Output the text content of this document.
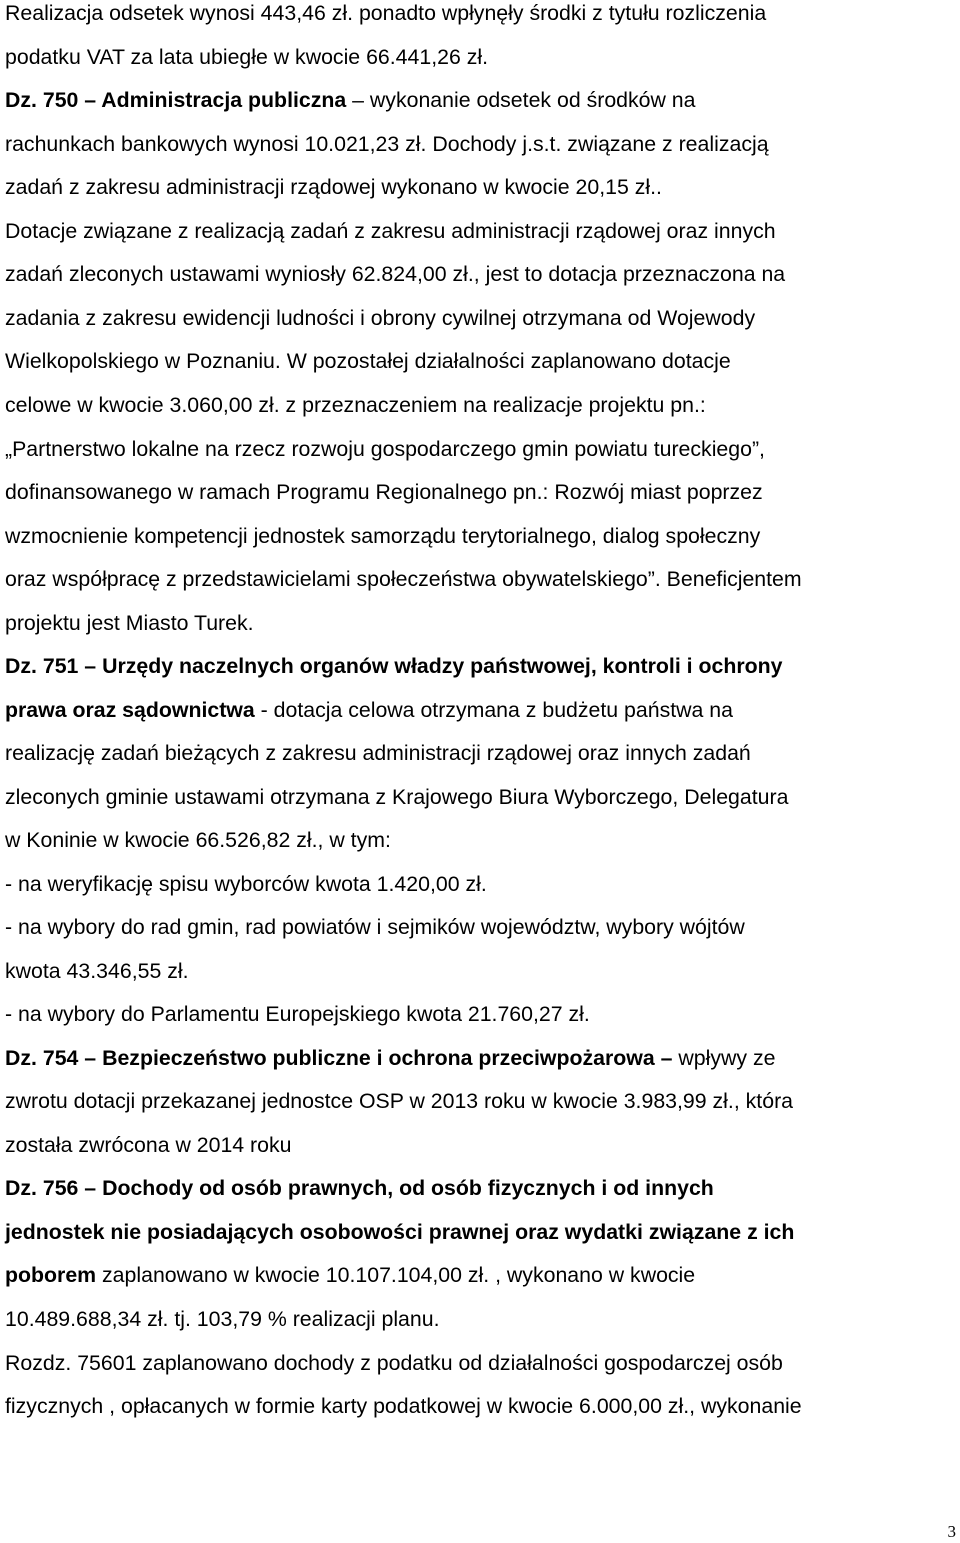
Realizacja odsetek wynosi 443,46 zł. ponadto wpłynęły środki z tytułu rozliczenia
podatku VAT za lata ubiegłe w kwocie 66.441,26 zł.
Dz. 750 – Administracja publiczna – wykonanie odsetek od środków na
rachunkach bankowych wynosi 10.021,23 zł. Dochody j.s.t. związane z realizacją
zadań z zakresu administracji rządowej wykonano w kwocie 20,15 zł..
Dotacje związane z realizacją zadań z zakresu administracji rządowej oraz innych
zadań zleconych ustawami wyniosły 62.824,00 zł., jest to dotacja przeznaczona na
zadania z zakresu ewidencji ludności i obrony cywilnej otrzymana od Wojewody
Wielkopolskiego w Poznaniu. W pozostałej działalności zaplanowano dotacje
celowe w kwocie 3.060,00 zł. z przeznaczeniem na realizacje projektu pn.:
„Partnerstwo lokalne na rzecz rozwoju gospodarczego gmin powiatu tureckiego”,
dofinansowanego w ramach Programu Regionalnego pn.: Rozwój miast poprzez
wzmocnienie kompetencji jednostek samorządu terytorialnego, dialog społeczny
oraz współpracę z przedstawicielami społeczeństwa obywatelskiego”. Beneficjentem
projektu jest Miasto Turek.
Dz. 751 – Urzędy naczelnych organów władzy państwowej, kontroli i ochrony
prawa oraz sądownictwa - dotacja celowa otrzymana z budżetu państwa na
realizację zadań bieżących z zakresu administracji rządowej oraz innych zadań
zleconych gminie ustawami otrzymana z Krajowego Biura Wyborczego, Delegatura
w Koninie w kwocie 66.526,82 zł., w tym:
- na weryfikację spisu wyborców kwota 1.420,00 zł.
- na wybory do rad gmin, rad powiatów i sejmików województw, wybory wójtów
kwota 43.346,55 zł.
- na wybory do Parlamentu Europejskiego kwota 21.760,27 zł.
Dz. 754 – Bezpieczeństwo publiczne i ochrona przeciwpożarowa – wpływy ze
zwrotu dotacji przekazanej jednostce OSP w 2013 roku w kwocie 3.983,99 zł., która
została zwrócona w 2014 roku
Dz. 756 – Dochody od osób prawnych, od osób fizycznych i od innych
jednostek nie posiadających osobowości prawnej oraz wydatki związane z ich
poborem zaplanowano w kwocie 10.107.104,00 zł. , wykonano w kwocie
10.489.688,34 zł. tj. 103,79 % realizacji planu.
Rozdz. 75601 zaplanowano dochody z podatku od działalności gospodarczej osób
fizycznych , opłacanych w formie karty podatkowej w kwocie 6.000,00 zł., wykonanie
3
